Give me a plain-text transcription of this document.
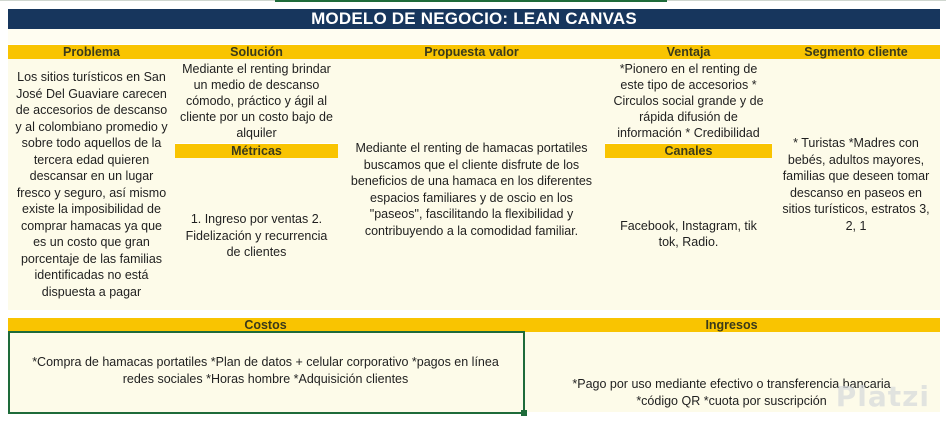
MODELO DE NEGOCIO: LEAN CANVAS
Problema	Solución	Propuesta valor	Ventaja	Segmento cliente
Los sitios turísticos en San
José Del Guaviare carecen
de accesorios de descanso
y al colombiano promedio y
sobre todo aquellos de la
tercera edad quieren
descansar en un lugar
fresco y seguro, así mismo
existe la imposibilidad de
comprar hamacas ya que
es un costo que gran
porcentaje de las familias
identificadas no está
dispuesta a pagar
Mediante el renting brindar
un medio de descanso
cómodo, práctico y ágil al
cliente por un costo bajo de
alquiler
Métricas
1. Ingreso por ventas 2.
Fidelización y recurrencia
de clientes
Mediante el renting de hamacas portatiles
buscamos que el cliente disfrute de los
beneficios de una hamaca en los diferentes
espacios familiares y de oscio en los
"paseos", fascilitando la flexibilidad y
contribuyendo a la comodidad familiar.
*Pionero en el renting de
este tipo de accesorios *
Circulos social grande y de
rápida difusión de
información * Credibilidad
Canales
Facebook, Instagram, tik
tok, Radio.
* Turistas *Madres con
bebés, adultos mayores,
familias que deseen tomar
descanso en paseos en
sitios turísticos, estratos 3,
2, 1
Costos	Ingresos
*Compra de hamacas portatiles *Plan de datos + celular corporativo *pagos en línea
redes sociales *Horas hombre *Adquisición clientes	*Pago por uso mediante efectivo o transferencia bancaria
*código QR *cuota por suscripción Platzi
